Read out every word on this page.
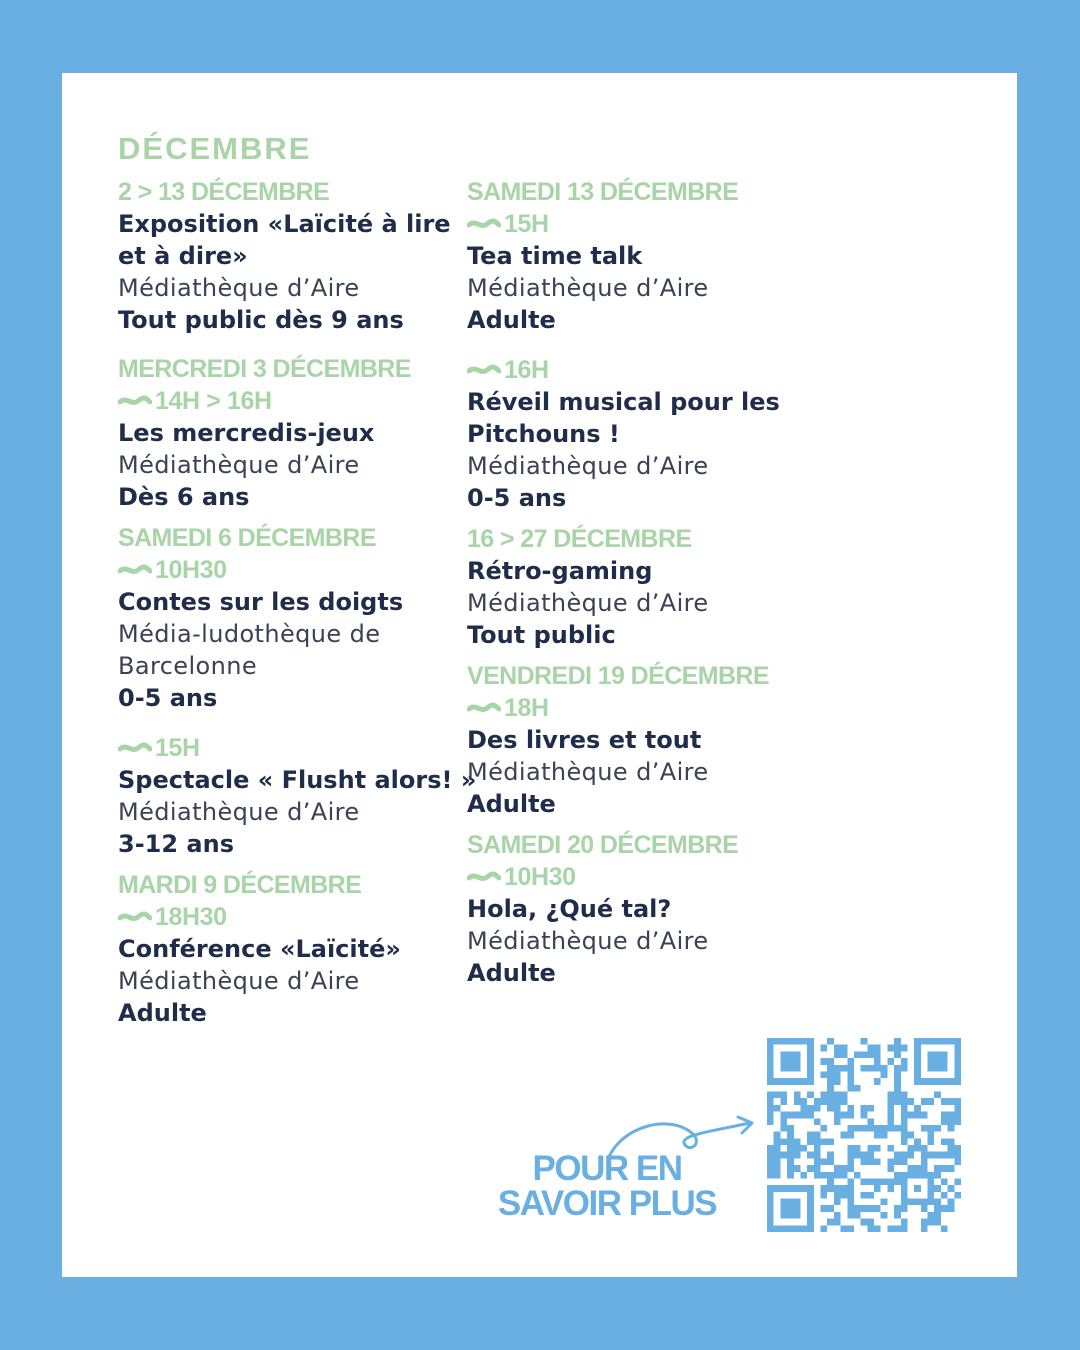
DÉCEMBRE
2 > 13 DÉCEMBRE
Exposition «Laïcité à lire et à dire»
Médiathèque d’Aire
Tout public dès 9 ans
MERCREDI 3 DÉCEMBRE
14H > 16H
Les mercredis-jeux
Médiathèque d’Aire
Dès 6 ans
SAMEDI 6 DÉCEMBRE
10H30
Contes sur les doigts
Média-ludothèque de Barcelonne
0-5 ans
15H
Spectacle « Flusht alors! »
Médiathèque d’Aire
3-12 ans
MARDI 9 DÉCEMBRE
18H30
Conférence «Laïcité»
Médiathèque d’Aire
Adulte
SAMEDI 13 DÉCEMBRE
15H
Tea time talk
Médiathèque d’Aire
Adulte
16H
Réveil musical pour les Pitchouns !
Médiathèque d’Aire
0-5 ans
16 > 27 DÉCEMBRE
Rétro-gaming
Médiathèque d’Aire
Tout public
VENDREDI 19 DÉCEMBRE
18H
Des livres et tout
Médiathèque d’Aire
Adulte
SAMEDI 20 DÉCEMBRE
10H30
Hola, ¿Qué tal?
Médiathèque d’Aire
Adulte
POUR EN
SAVOIR PLUS
